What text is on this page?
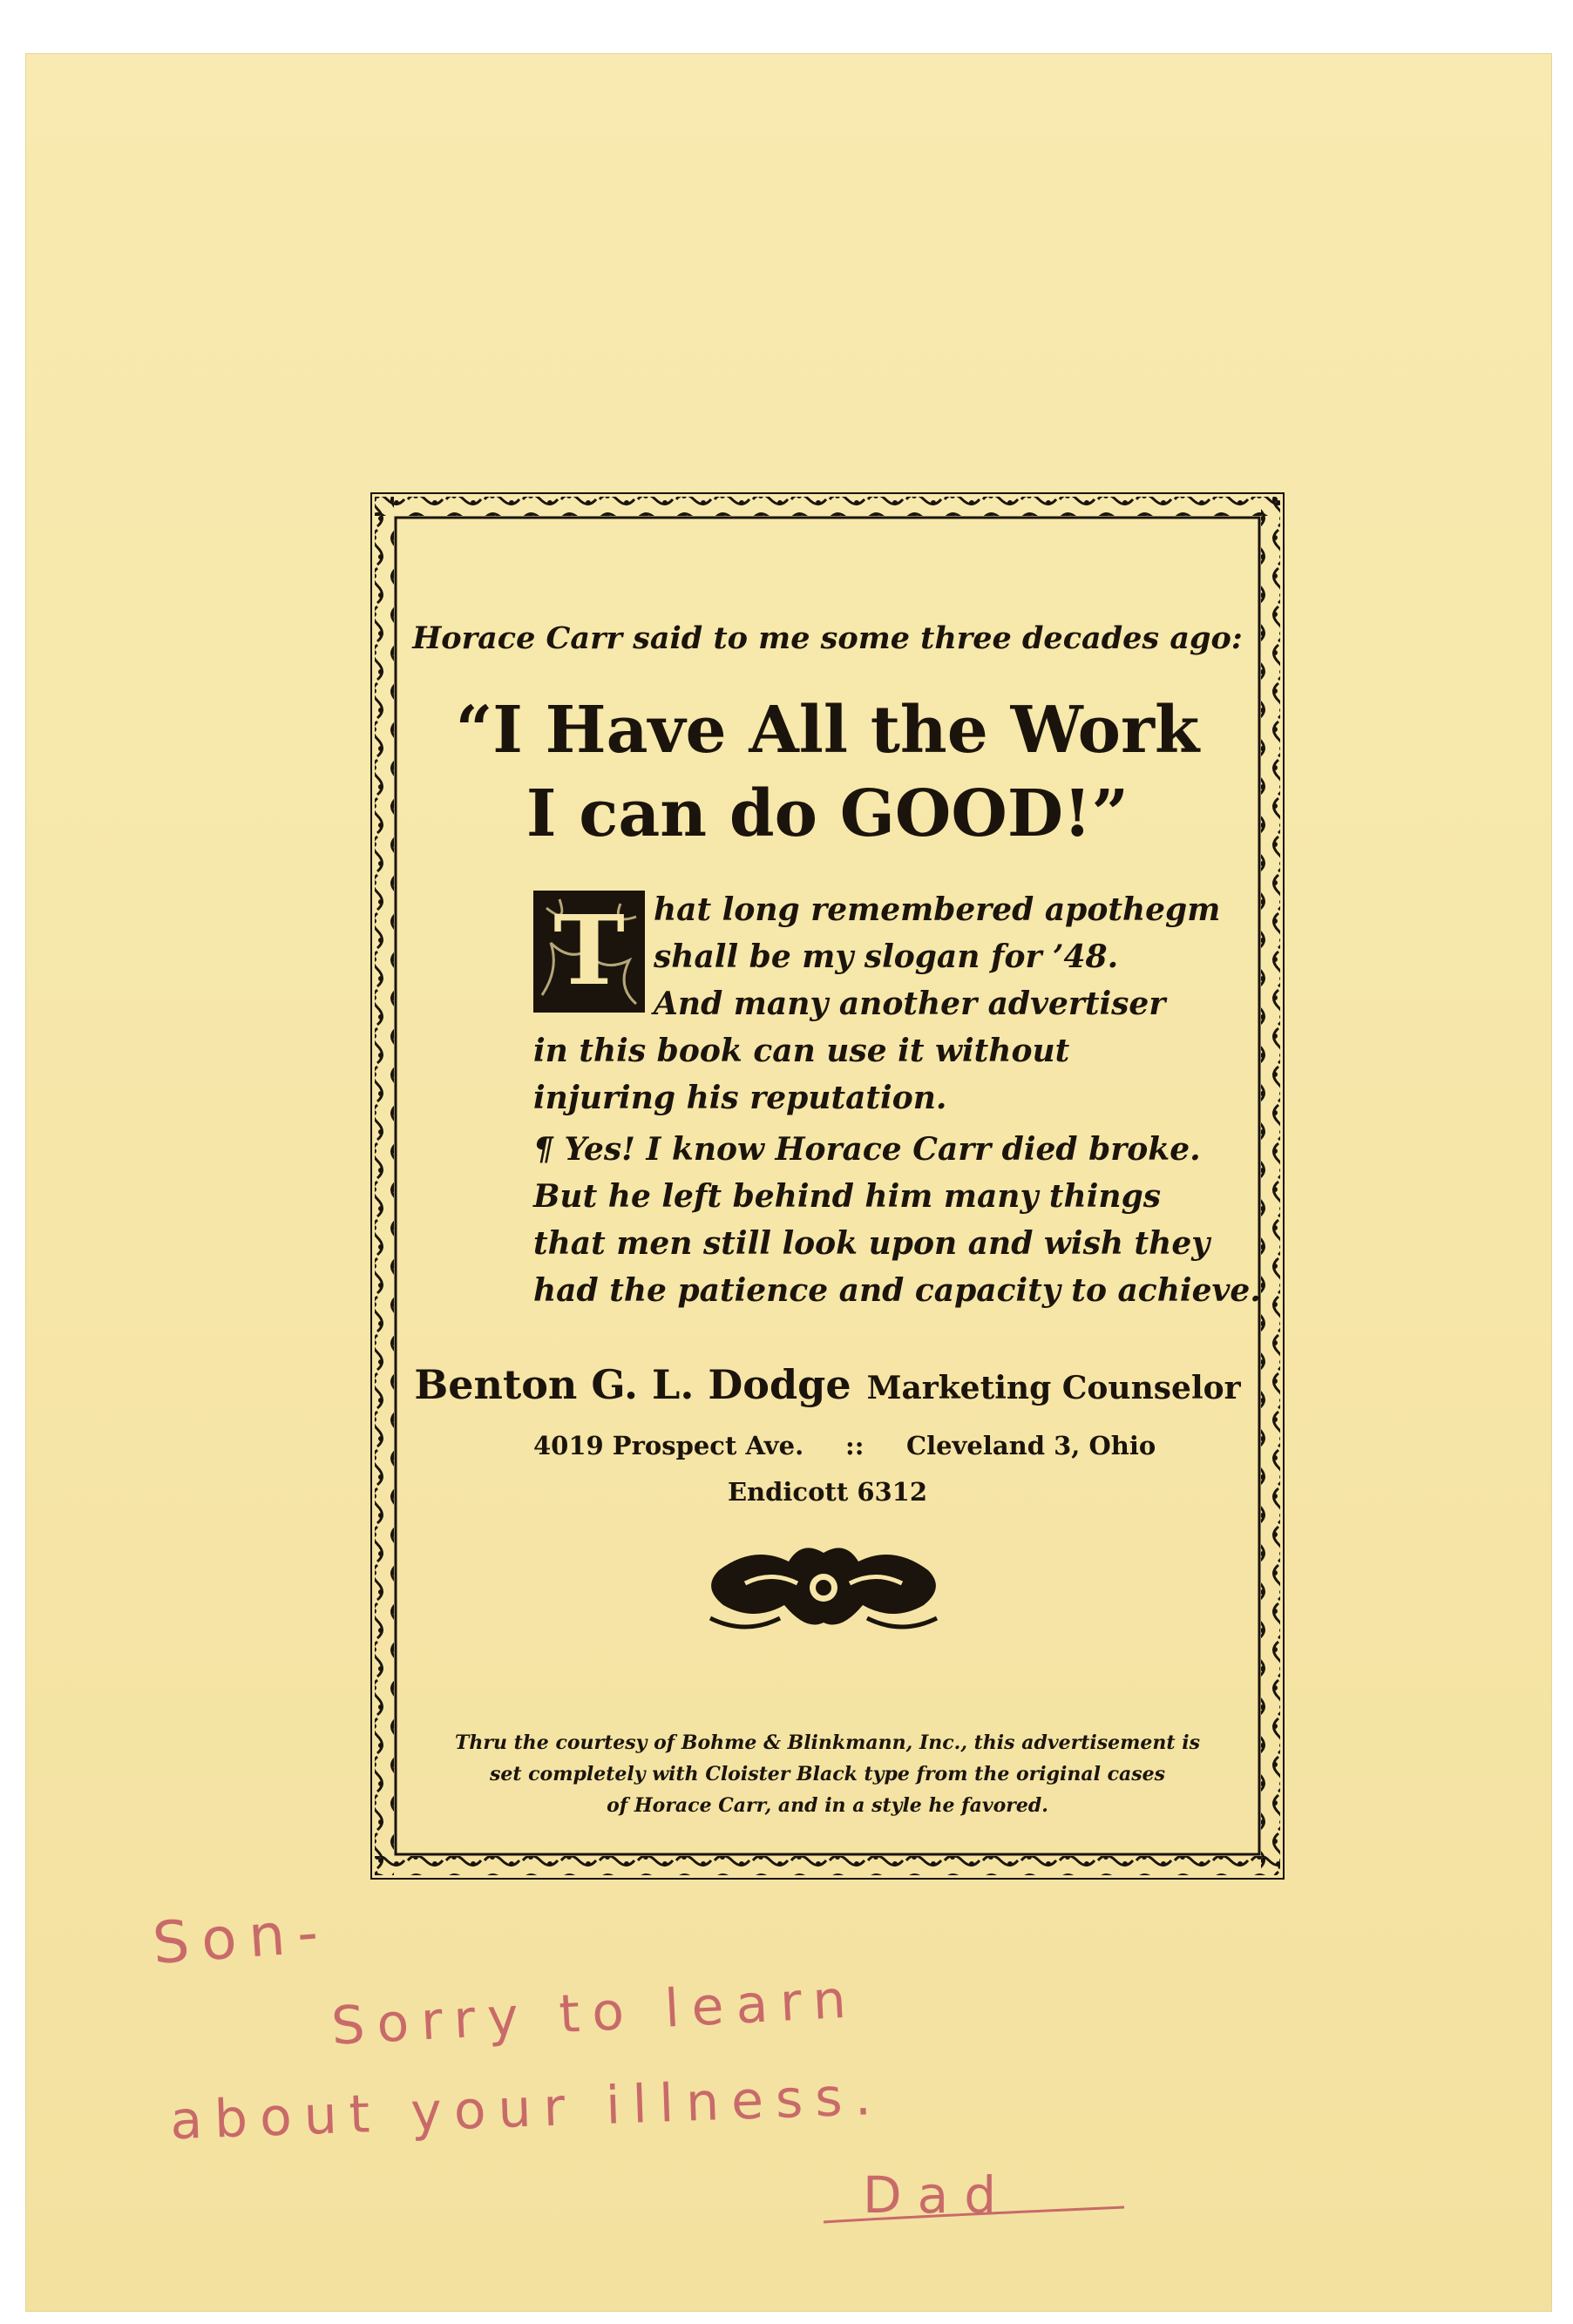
Horace Carr said to me some three decades ago:
“I Have All the Work
I can do GOOD!”
T hat long remembered apothegm
shall be my slogan for ’48.
And many another advertiser
in this book can use it without
injuring his reputation.
¶ Yes! I know Horace Carr died broke.
But he left behind him many things
that men still look upon and wish they
had the patience and capacity to achieve.
Benton G. L. Dodge Marketing Counselor
4019 Prospect Ave. :: Cleveland 3, Ohio
Endicott 6312
Thru the courtesy of Bohme & Blinkmann, Inc., this advertisement is
set completely with Cloister Black type from the original cases
of Horace Carr, and in a style he favored.
Son-
Sorry to learn
about your illness.
Dad
